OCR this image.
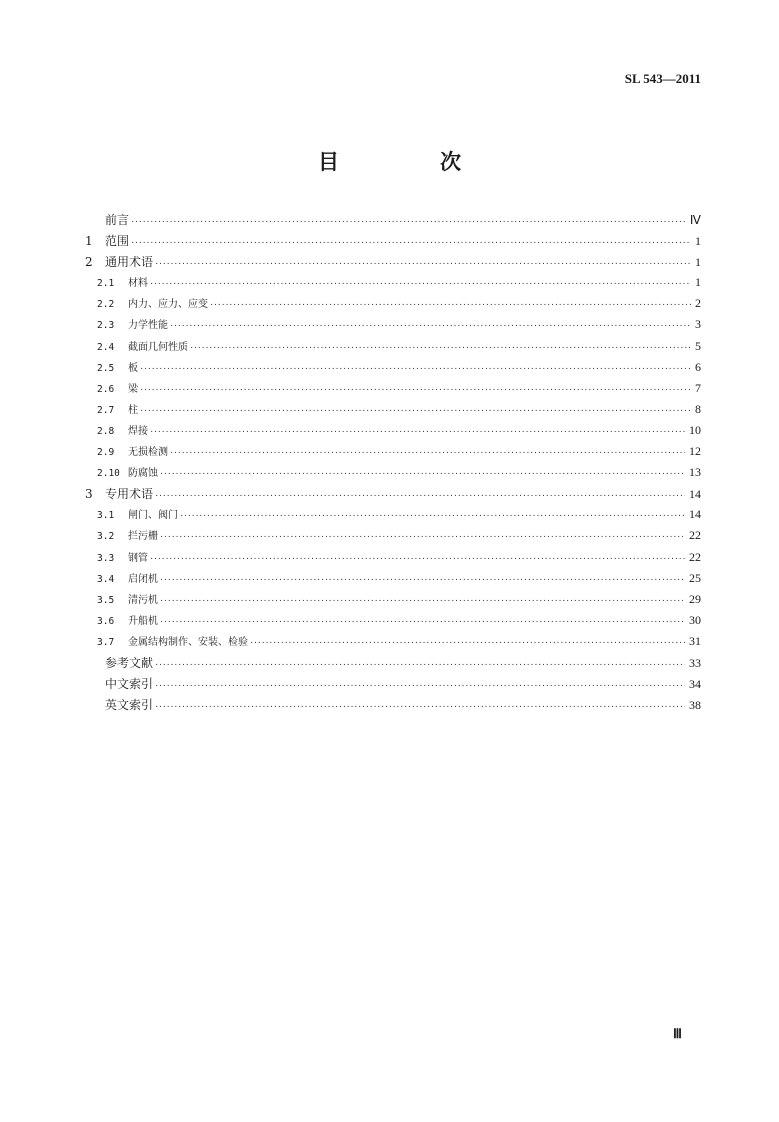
SL 543—2011
目　次
前言 ·····	Ⅳ
1	范围 ·····	1
2	通用术语 ·····	1
2.1	材料 ·····	1
2.2	内力、应力、应变 ·····	2
2.3	力学性能 ·····	3
2.4	截面几何性质 ·····	5
2.5	板 ·····	6
2.6	梁 ·····	7
2.7	柱 ·····	8
2.8	焊接 ·····	10
2.9	无损检测 ·····	12
2.10 防腐蚀 ·····	13
3	专用术语 ·····	14
3.1	闸门、阀门 ·····	14
3.2	拦污栅 ·····	22
3.3	钢管 ·····	22
3.4	启闭机 ·····	25
3.5	清污机 ·····	29
3.6	升船机 ·····	30
3.7	金属结构制作、安装、检验 ·····	31
参考文献 ·····	33
中文索引 ·····	34
英文索引 ·····	38
Ⅲ
